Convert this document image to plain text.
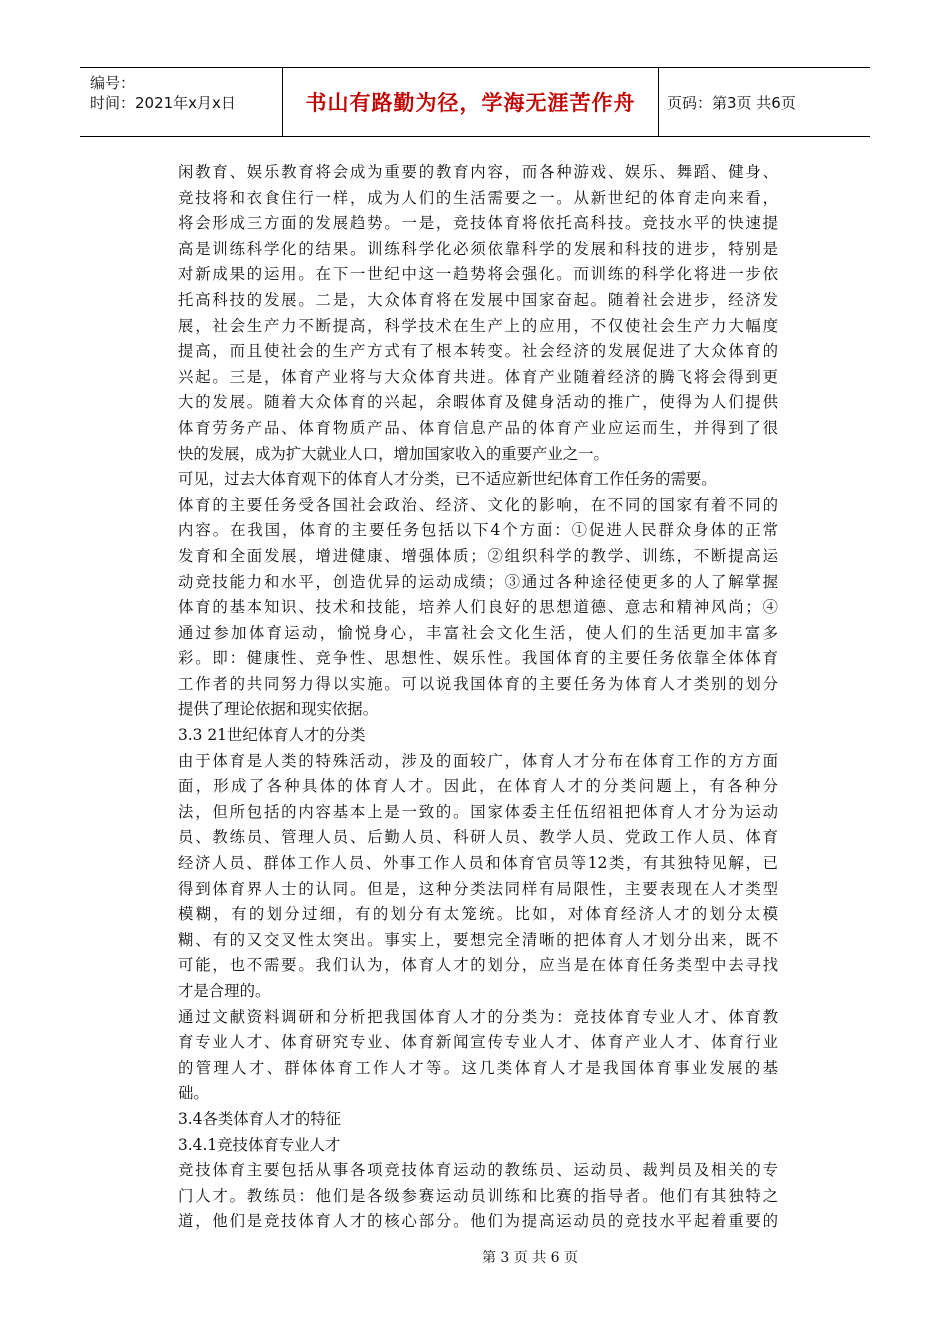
编号：
时间：2021年x月x日	书山有路勤为径，学海无涯苦作舟	页码：第3页 共6页
闲教育、娱乐教育将会成为重要的教育内容，而各种游戏、娱乐、舞蹈、健身、
竞技将和衣食住行一样，成为人们的生活需要之一。从新世纪的体育走向来看，
将会形成三方面的发展趋势。一是，竞技体育将依托高科技。竞技水平的快速提
高是训练科学化的结果。训练科学化必须依靠科学的发展和科技的进步，特别是
对新成果的运用。在下一世纪中这一趋势将会强化。而训练的科学化将进一步依
托高科技的发展。二是，大众体育将在发展中国家奋起。随着社会进步，经济发
展，社会生产力不断提高，科学技术在生产上的应用，不仅使社会生产力大幅度
提高，而且使社会的生产方式有了根本转变。社会经济的发展促进了大众体育的
兴起。三是，体育产业将与大众体育共进。体育产业随着经济的腾飞将会得到更
大的发展。随着大众体育的兴起，余暇体育及健身活动的推广，使得为人们提供
体育劳务产品、体育物质产品、体育信息产品的体育产业应运而生，并得到了很
快的发展，成为扩大就业人口，增加国家收入的重要产业之一。
可见，过去大体育观下的体育人才分类，已不适应新世纪体育工作任务的需要。
体育的主要任务受各国社会政治、经济、文化的影响，在不同的国家有着不同的
内容。在我国，体育的主要任务包括以下4个方面：①促进人民群众身体的正常
发育和全面发展，增进健康、增强体质；②组织科学的教学、训练，不断提高运
动竞技能力和水平，创造优异的运动成绩；③通过各种途径使更多的人了解掌握
体育的基本知识、技术和技能，培养人们良好的思想道德、意志和精神风尚；④
通过参加体育运动，愉悦身心，丰富社会文化生活，使人们的生活更加丰富多
彩。即：健康性、竞争性、思想性、娱乐性。我国体育的主要任务依靠全体体育
工作者的共同努力得以实施。可以说我国体育的主要任务为体育人才类别的划分
提供了理论依据和现实依据。
3.3 21世纪体育人才的分类
由于体育是人类的特殊活动，涉及的面较广，体育人才分布在体育工作的方方面
面，形成了各种具体的体育人才。因此，在体育人才的分类问题上，有各种分
法，但所包括的内容基本上是一致的。国家体委主任伍绍祖把体育人才分为运动
员、教练员、管理人员、后勤人员、科研人员、教学人员、党政工作人员、体育
经济人员、群体工作人员、外事工作人员和体育官员等12类，有其独特见解，已
得到体育界人士的认同。但是，这种分类法同样有局限性，主要表现在人才类型
模糊，有的划分过细，有的划分有太笼统。比如，对体育经济人才的划分太模
糊、有的又交叉性太突出。事实上，要想完全清晰的把体育人才划分出来，既不
可能，也不需要。我们认为，体育人才的划分，应当是在体育任务类型中去寻找
才是合理的。
通过文献资料调研和分析把我国体育人才的分类为：竞技体育专业人才、体育教
育专业人才、体育研究专业、体育新闻宣传专业人才、体育产业人才、体育行业
的管理人才、群体体育工作人才等。这几类体育人才是我国体育事业发展的基
础。
3.4各类体育人才的特征
3.4.1竞技体育专业人才
竞技体育主要包括从事各项竞技体育运动的教练员、运动员、裁判员及相关的专
门人才。教练员：他们是各级参赛运动员训练和比赛的指导者。他们有其独特之
道，他们是竞技体育人才的核心部分。他们为提高运动员的竞技水平起着重要的
第 3 页 共 6 页
